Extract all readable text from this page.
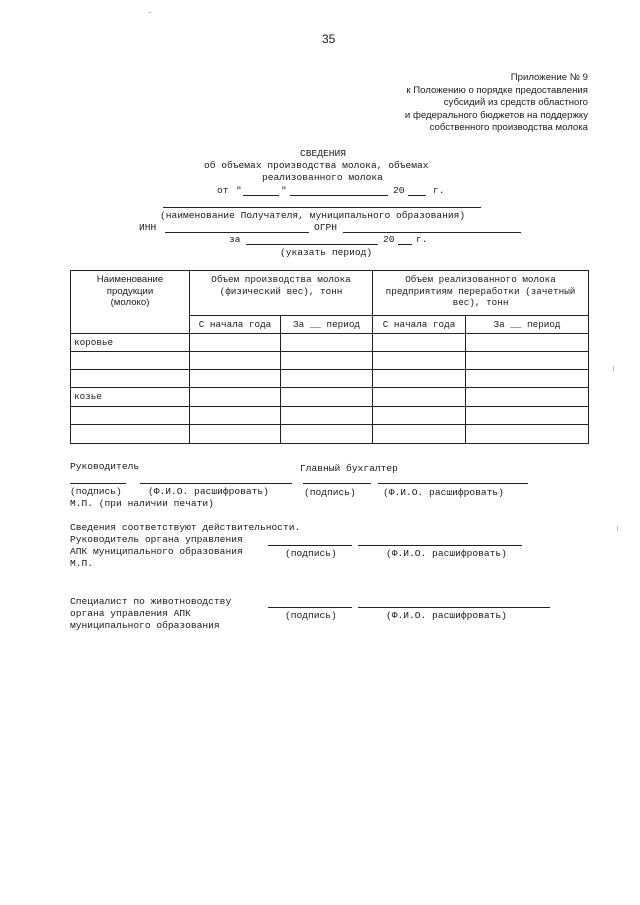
35
Приложение № 9
к Положению о порядке предоставления
субсидий из средств областного
и федерального бюджетов на поддержку
собственного производства молока
СВЕДЕНИЯ
об объемах производства молока, объемах
реализованного молока
от "	"	20	г.
(наименование Получателя, муниципального образования)
ИНН	ОГРН
за	20 г.
(указать период)
Наименование продукции (молоко)	Объем производства молока (физический вес), тонн		Объем реализованного молока предприятиям переработки (зачетный вес), тонн	

	С начала года	За __ период	С начала года	За __ период
коровье				

козье				

Руководитель	Главный бухгалтер
(подпись)	(Ф.И.О. расшифровать)	(подпись)	(Ф.И.О. расшифровать)
М.П. (при наличии печати)
Сведения соответствуют действительности.
Руководитель органа управления
АПК муниципального образования	(подпись)	(Ф.И.О. расшифровать)
М.П.
Специалист по животноводству
органа управления АПК
муниципального образования
(подпись)	(Ф.И.О. расшифровать)
